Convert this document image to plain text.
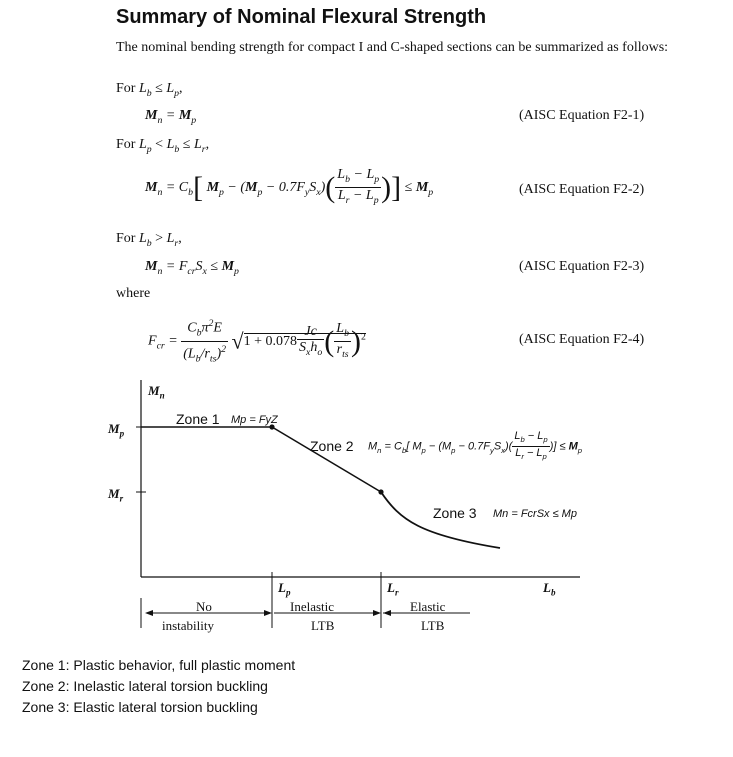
Summary of Nominal Flexural Strength
The nominal bending strength for compact I and C-shaped sections can be summarized as follows:
For $L_b \le L_p$,
$M_n = M_p$	(AISC Equation F2-1)
For $L_p < L_b \le L_r$,
$M_n = C_b$[ $M_p - (M_p - 0.7F_yS_x)( \frac{L_b - L_p}{L_r - L_p}$ )] ≤ $M_p$	(AISC Equation F2-2)
For $L_b > L_r$,
$M_n = F_{cr}S_x \le M_p$	(AISC Equation F2-3)
where
$F_{cr} = \frac{C_b\pi^2E}{(L_b/r_{ts})^2} √1 + 0.078 \frac{Jc}{S_xh_o}$ ( $\frac{L_b}{r_{ts}} )^2$	(AISC Equation F2-4)
$M_n$
$M_p$
$M_r$
$L_p$	$L_r$	$L_b$
Zone 1 Mp = FyZ
Zone 2 $M_n = C_b$[ $M_p - (M_p - 0.7F_yS_x)( \frac{L_b - L_p}{L_r - L_p}$ )] ≤ $M_p$
Zone 3 Mn = FcrSx ≤ Mp
No
instability
Inelastic
LTB
Elastic
LTB
Zone 1: Plastic behavior, full plastic moment
Zone 2: Inelastic lateral torsion buckling
Zone 3: Elastic lateral torsion buckling
